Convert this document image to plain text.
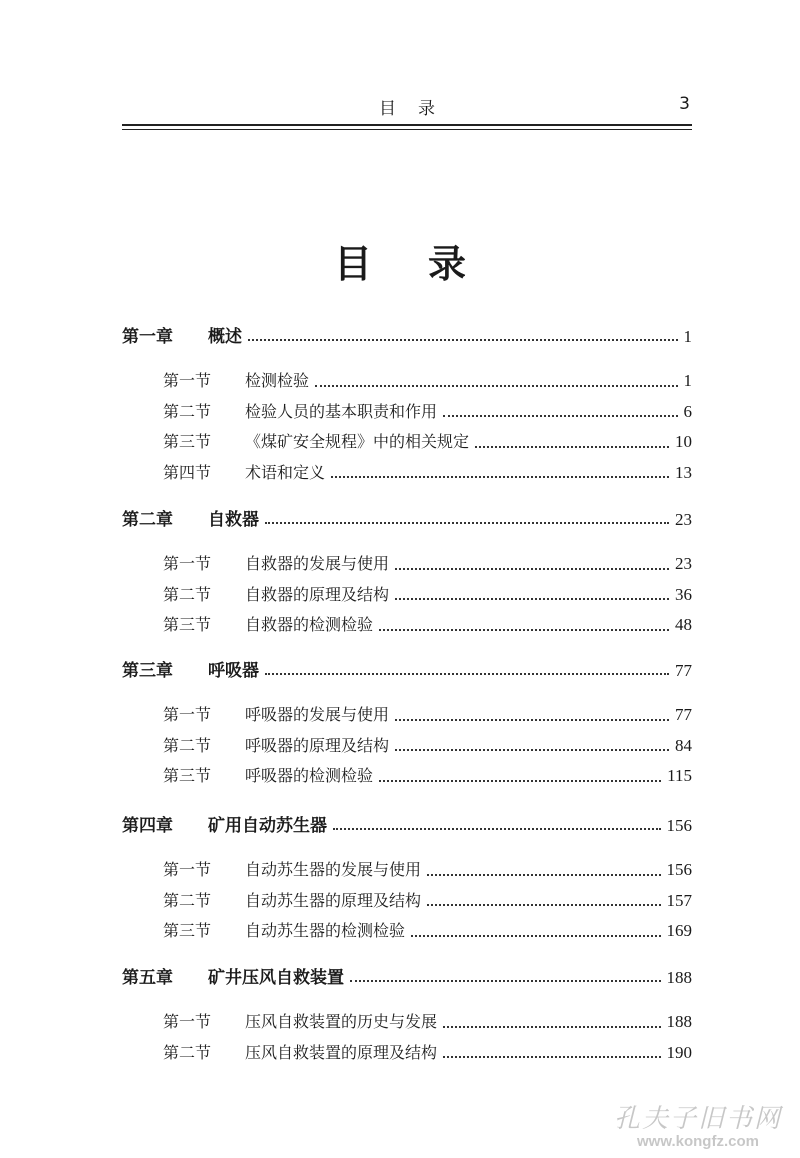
目录	3
目录
第一章	概述	1
第一节	检测检验	1
第二节	检验人员的基本职责和作用	6
第三节	《煤矿安全规程》中的相关规定	10
第四节	术语和定义	13
第二章	自救器	23
第一节	自救器的发展与使用	23
第二节	自救器的原理及结构	36
第三节	自救器的检测检验	48
第三章	呼吸器	77
第一节	呼吸器的发展与使用	77
第二节	呼吸器的原理及结构	84
第三节	呼吸器的检测检验	115
第四章	矿用自动苏生器	156
第一节	自动苏生器的发展与使用	156
第二节	自动苏生器的原理及结构	157
第三节	自动苏生器的检测检验	169
第五章	矿井压风自救装置	188
第一节	压风自救装置的历史与发展	188
第二节	压风自救装置的原理及结构	190
孔夫子旧书网
www.kongfz.com
